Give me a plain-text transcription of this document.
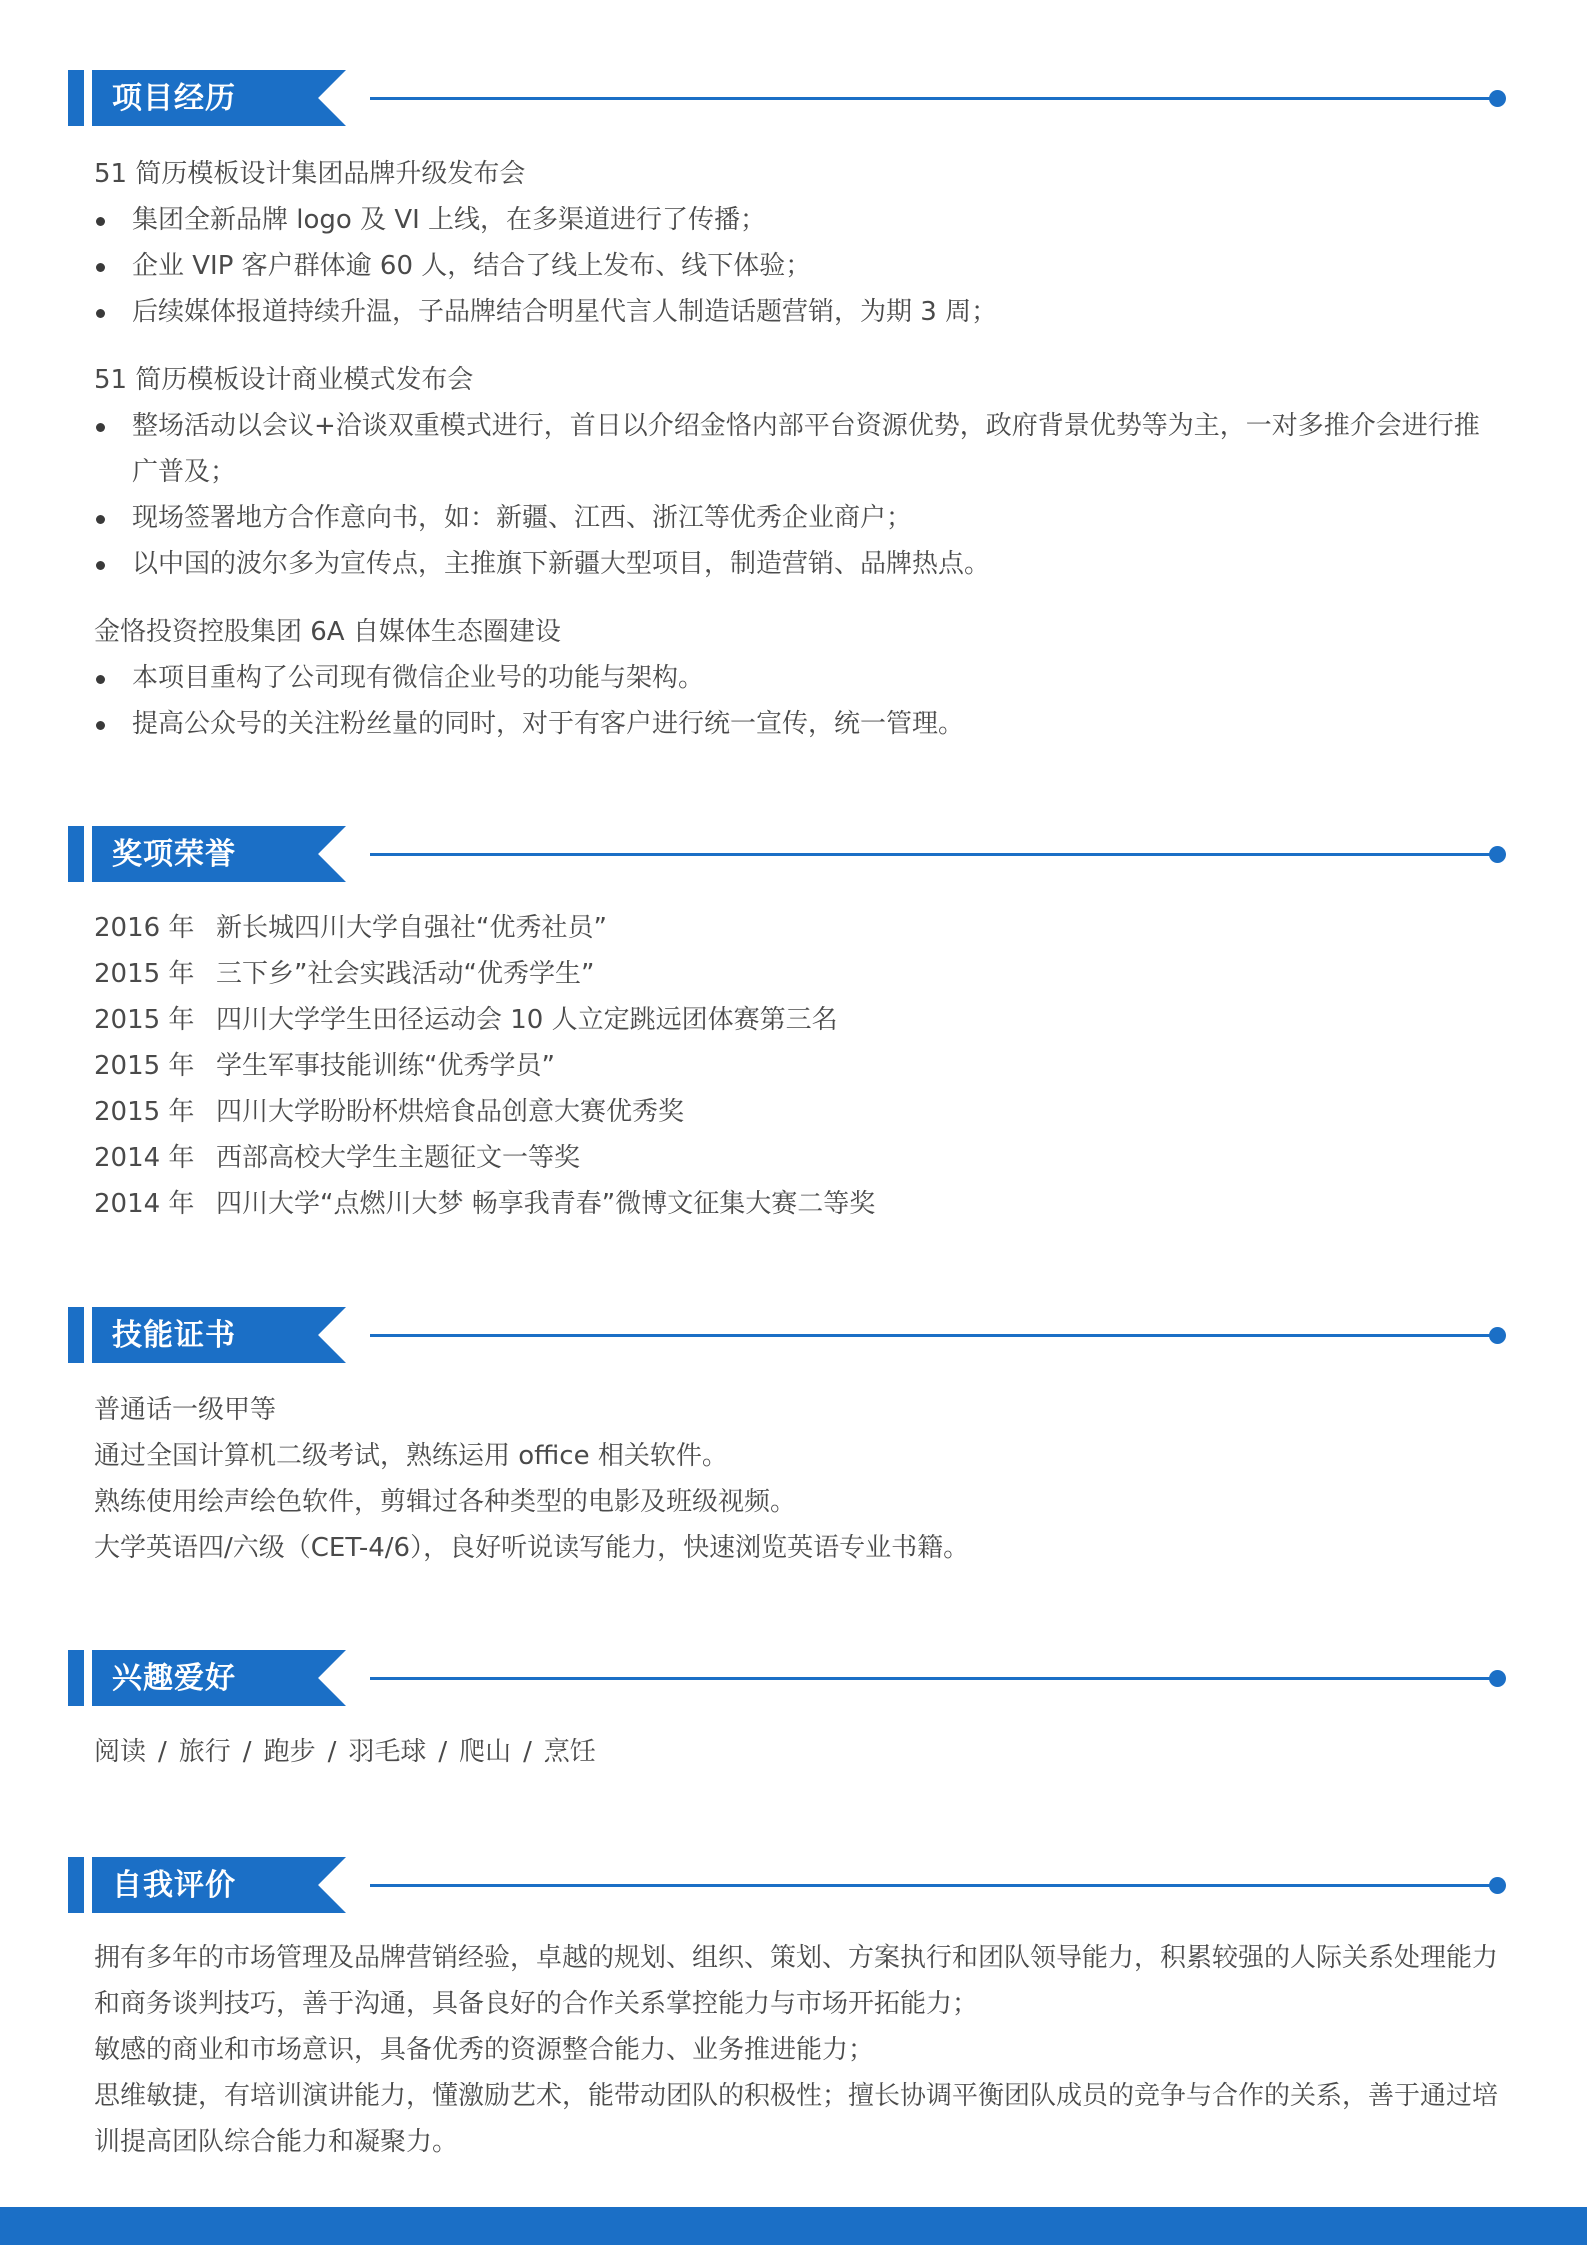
项目经历
51 简历模板设计集团品牌升级发布会
集团全新品牌 logo 及 VI 上线，在多渠道进行了传播；
企业 VIP 客户群体逾 60 人，结合了线上发布、线下体验；
后续媒体报道持续升温，子品牌结合明星代言人制造话题营销，为期 3 周；
51 简历模板设计商业模式发布会
整场活动以会议+洽谈双重模式进行，首日以介绍金恪内部平台资源优势，政府背景优势等为主，一对多推介会进行推广普及；
现场签署地方合作意向书，如：新疆、江西、浙江等优秀企业商户；
以中国的波尔多为宣传点，主推旗下新疆大型项目，制造营销、品牌热点。
金恪投资控股集团 6A 自媒体生态圈建设
本项目重构了公司现有微信企业号的功能与架构。
提高公众号的关注粉丝量的同时，对于有客户进行统一宣传，统一管理。
奖项荣誉
2016 年 新长城四川大学自强社“优秀社员”
2015 年 三下乡”社会实践活动“优秀学生”
2015 年 四川大学学生田径运动会 10 人立定跳远团体赛第三名
2015 年 学生军事技能训练“优秀学员”
2015 年 四川大学盼盼杯烘焙食品创意大赛优秀奖
2014 年 西部高校大学生主题征文一等奖
2014 年 四川大学“点燃川大梦 畅享我青春”微博文征集大赛二等奖
技能证书
普通话一级甲等
通过全国计算机二级考试，熟练运用 office 相关软件。
熟练使用绘声绘色软件，剪辑过各种类型的电影及班级视频。
大学英语四/六级（CET-4/6），良好听说读写能力，快速浏览英语专业书籍。
兴趣爱好
阅读 / 旅行 / 跑步 / 羽毛球 / 爬山 / 烹饪
自我评价
拥有多年的市场管理及品牌营销经验，卓越的规划、组织、策划、方案执行和团队领导能力，积累较强的人际关系处理能力和商务谈判技巧，善于沟通，具备良好的合作关系掌控能力与市场开拓能力；
敏感的商业和市场意识，具备优秀的资源整合能力、业务推进能力；
思维敏捷，有培训演讲能力，懂激励艺术，能带动团队的积极性；擅长协调平衡团队成员的竞争与合作的关系，善于通过培训提高团队综合能力和凝聚力。
